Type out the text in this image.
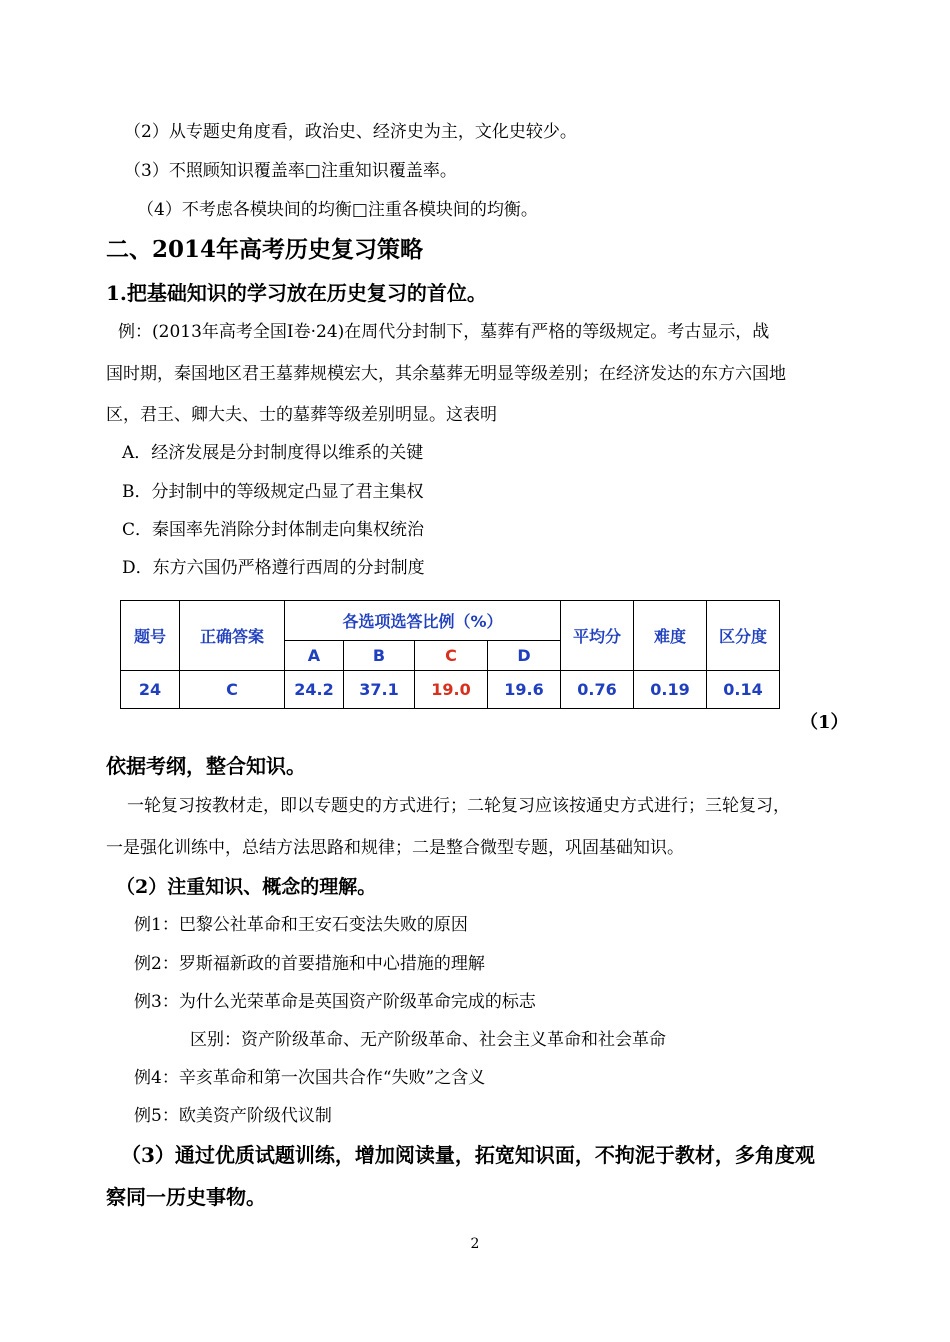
（2）从专题史角度看，政治史、经济史为主，文化史较少。
（3）不照顾知识覆盖率□注重知识覆盖率。
（4）不考虑各模块间的均衡□注重各模块间的均衡。
二、2014年高考历史复习策略
1.把基础知识的学习放在历史复习的首位。
例：(2013年高考全国Ⅰ卷·24)在周代分封制下，墓葬有严格的等级规定。考古显示，战
国时期，秦国地区君王墓葬规模宏大，其余墓葬无明显等级差别；在经济发达的东方六国地
区，君王、卿大夫、士的墓葬等级差别明显。这表明
A．经济发展是分封制度得以维系的关键
B．分封制中的等级规定凸显了君主集权
C．秦国率先消除分封体制走向集权统治
D．东方六国仍严格遵行西周的分封制度
题号	正确答案	各选项选答比例（%）				平均分	难度	区分度
		A	B	C	D			
24	C	24.2	37.1	19.0	19.6	0.76	0.19	0.14
（1）
依据考纲，整合知识。
一轮复习按教材走，即以专题史的方式进行；二轮复习应该按通史方式进行；三轮复习，
一是强化训练中，总结方法思路和规律；二是整合微型专题，巩固基础知识。
（2）注重知识、概念的理解。
例1：巴黎公社革命和王安石变法失败的原因
例2：罗斯福新政的首要措施和中心措施的理解
例3：为什么光荣革命是英国资产阶级革命完成的标志
区别：资产阶级革命、无产阶级革命、社会主义革命和社会革命
例4：辛亥革命和第一次国共合作“失败”之含义
例5：欧美资产阶级代议制
（3）通过优质试题训练，增加阅读量，拓宽知识面，不拘泥于教材，多角度观
察同一历史事物。
2
